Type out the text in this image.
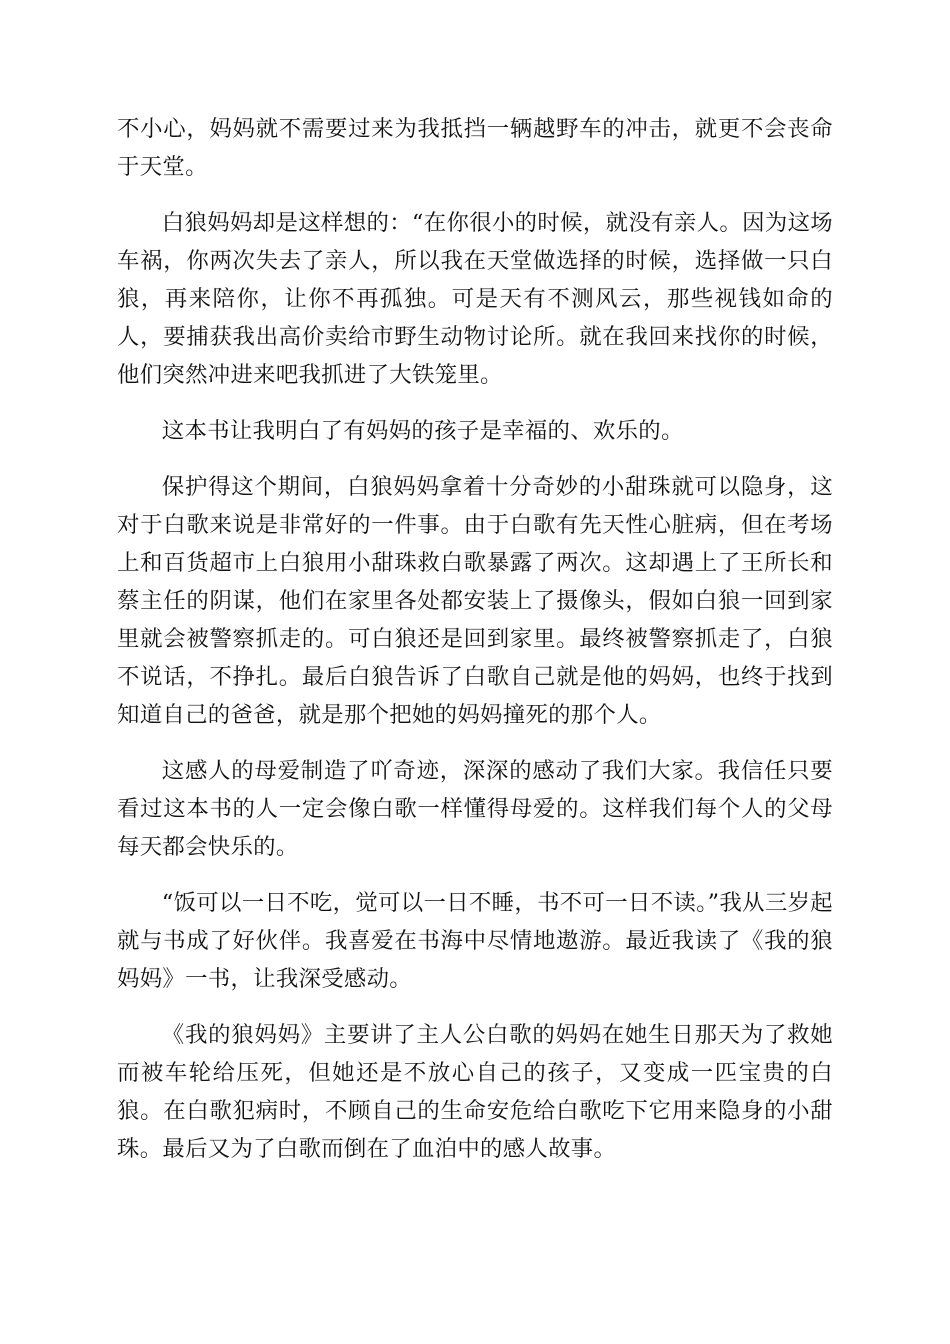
不小心，妈妈就不需要过来为我抵挡一辆越野车的冲击，就更不会丧命于天堂。

白狼妈妈却是这样想的：“在你很小的时候，就没有亲人。因为这场车祸，你两次失去了亲人，所以我在天堂做选择的时候，选择做一只白狼，再来陪你，让你不再孤独。可是天有不测风云，那些视钱如命的人，要捕获我出高价卖给市野生动物讨论所。就在我回来找你的时候，他们突然冲进来吧我抓进了大铁笼里。

这本书让我明白了有妈妈的孩子是幸福的、欢乐的。

保护得这个期间，白狼妈妈拿着十分奇妙的小甜珠就可以隐身，这对于白歌来说是非常好的一件事。由于白歌有先天性心脏病，但在考场上和百货超市上白狼用小甜珠救白歌暴露了两次。这却遇上了王所长和蔡主任的阴谋，他们在家里各处都安装上了摄像头，假如白狼一回到家里就会被警察抓走的。可白狼还是回到家里。最终被警察抓走了，白狼不说话，不挣扎。最后白狼告诉了白歌自己就是他的妈妈，也终于找到知道自己的爸爸，就是那个把她的妈妈撞死的那个人。

这感人的母爱制造了吖奇迹，深深的感动了我们大家。我信任只要看过这本书的人一定会像白歌一样懂得母爱的。这样我们每个人的父母每天都会快乐的。

“饭可以一日不吃，觉可以一日不睡，书不可一日不读。”我从三岁起就与书成了好伙伴。我喜爱在书海中尽情地遨游。最近我读了《我的狼妈妈》一书，让我深受感动。

《我的狼妈妈》主要讲了主人公白歌的妈妈在她生日那天为了救她而被车轮给压死，但她还是不放心自己的孩子，又变成一匹宝贵的白狼。在白歌犯病时，不顾自己的生命安危给白歌吃下它用来隐身的小甜珠。最后又为了白歌而倒在了血泊中的感人故事。
